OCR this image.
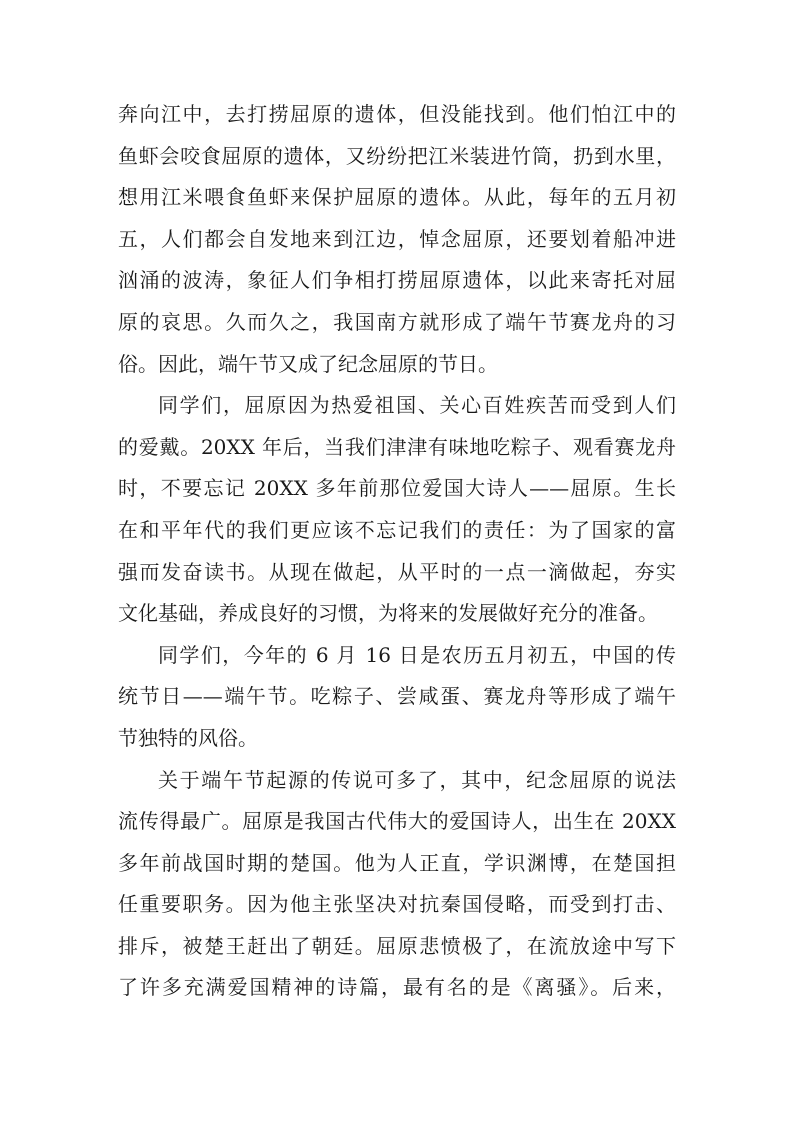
奔向江中，去打捞屈原的遗体，但没能找到。他们怕江中的
鱼虾会咬食屈原的遗体，又纷纷把江米装进竹筒，扔到水里，
想用江米喂食鱼虾来保护屈原的遗体。从此，每年的五月初
五，人们都会自发地来到江边，悼念屈原，还要划着船冲进
汹涌的波涛，象征人们争相打捞屈原遗体，以此来寄托对屈
原的哀思。久而久之，我国南方就形成了端午节赛龙舟的习
俗。因此，端午节又成了纪念屈原的节日。
同学们，屈原因为热爱祖国、关心百姓疾苦而受到人们
的爱戴。20XX 年后，当我们津津有味地吃粽子、观看赛龙舟
时，不要忘记 20XX 多年前那位爱国大诗人——屈原。生长
在和平年代的我们更应该不忘记我们的责任：为了国家的富
强而发奋读书。从现在做起，从平时的一点一滴做起，夯实
文化基础，养成良好的习惯，为将来的发展做好充分的准备。
同学们，今年的 6 月 16 日是农历五月初五，中国的传
统节日——端午节。吃粽子、尝咸蛋、赛龙舟等形成了端午
节独特的风俗。
关于端午节起源的传说可多了，其中，纪念屈原的说法
流传得最广。屈原是我国古代伟大的爱国诗人，出生在 20XX
多年前战国时期的楚国。他为人正直，学识渊博，在楚国担
任重要职务。因为他主张坚决对抗秦国侵略，而受到打击、
排斥，被楚王赶出了朝廷。屈原悲愤极了，在流放途中写下
了许多充满爱国精神的诗篇，最有名的是《离骚》。后来，
